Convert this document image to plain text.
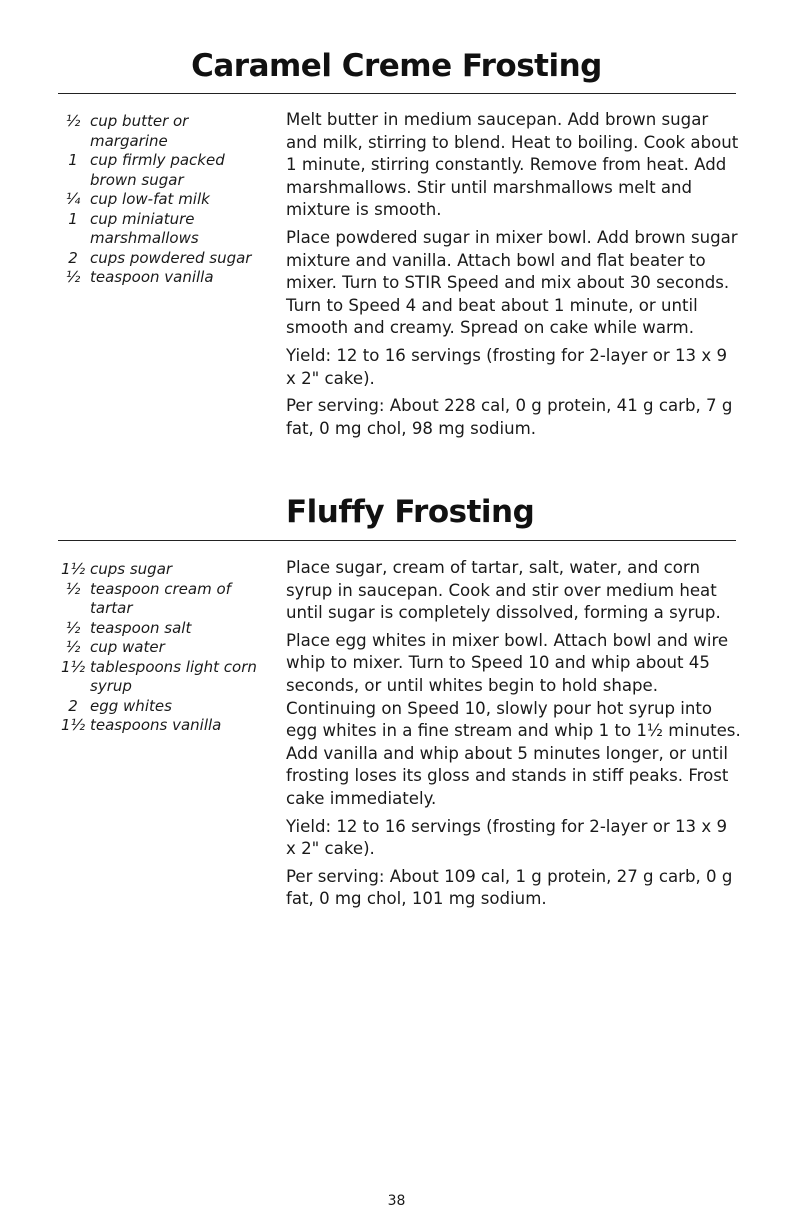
Caramel Creme Frosting
½ cup butter or margarine
1 cup firmly packed brown sugar
¼ cup low-fat milk
1 cup miniature marshmallows
2 cups powdered sugar
½ teaspoon vanilla

Melt butter in medium saucepan. Add brown sugar and milk, stirring to blend. Heat to boiling. Cook about 1 minute, stirring constantly. Remove from heat. Add marshmallows. Stir until marshmallows melt and mixture is smooth.

Place powdered sugar in mixer bowl. Add brown sugar mixture and vanilla. Attach bowl and flat beater to mixer. Turn to STIR Speed and mix about 30 seconds. Turn to Speed 4 and beat about 1 minute, or until smooth and creamy. Spread on cake while warm.

Yield: 12 to 16 servings (frosting for 2-layer or 13 x 9 x 2" cake).

Per serving: About 228 cal, 0 g protein, 41 g carb, 7 g fat, 0 mg chol, 98 mg sodium.

Fluffy Frosting
1½ cups sugar
½ teaspoon cream of tartar
½ teaspoon salt
½ cup water
1½ tablespoons light corn syrup
2 egg whites
1½ teaspoons vanilla

Place sugar, cream of tartar, salt, water, and corn syrup in saucepan. Cook and stir over medium heat until sugar is completely dissolved, forming a syrup.

Place egg whites in mixer bowl. Attach bowl and wire whip to mixer. Turn to Speed 10 and whip about 45 seconds, or until whites begin to hold shape. Continuing on Speed 10, slowly pour hot syrup into egg whites in a fine stream and whip 1 to 1½ minutes. Add vanilla and whip about 5 minutes longer, or until frosting loses its gloss and stands in stiff peaks. Frost cake immediately.

Yield: 12 to 16 servings (frosting for 2-layer or 13 x 9 x 2" cake).

Per serving: About 109 cal, 1 g protein, 27 g carb, 0 g fat, 0 mg chol, 101 mg sodium.

38
